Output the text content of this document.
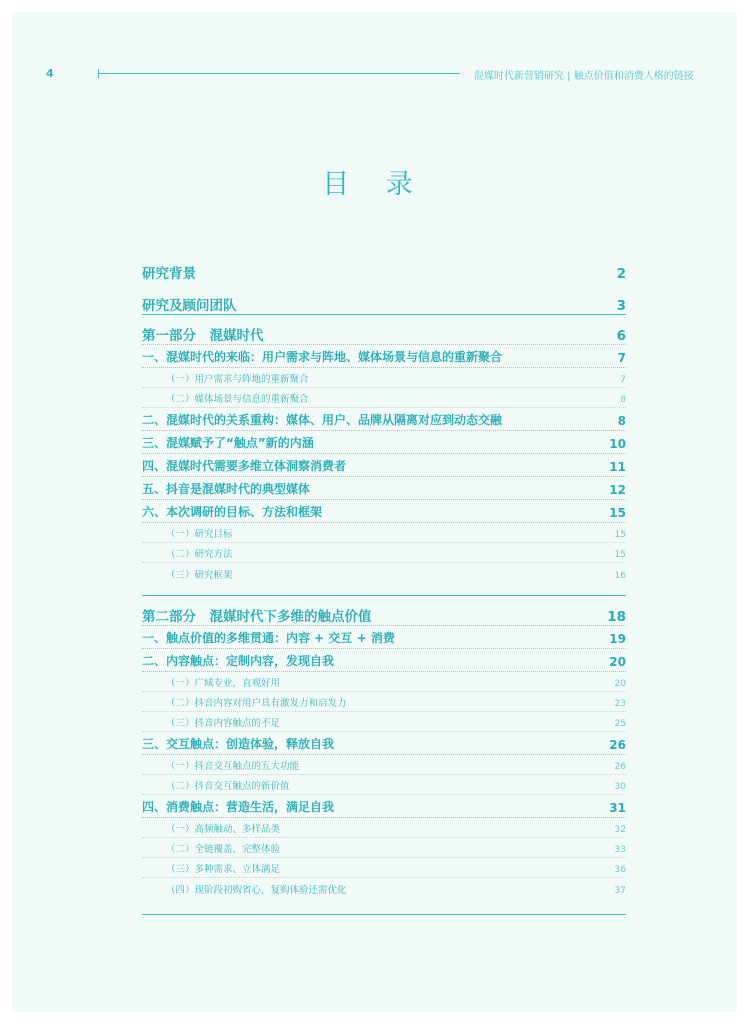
4	混媒时代新营销研究 | 触点价值和消费人格的链接
目 录
研究背景	2
研究及顾问团队	3
第一部分　混媒时代	6
一、混媒时代的来临：用户需求与阵地、媒体场景与信息的重新聚合	7
（一）用户需求与阵地的重新聚合	7
（二）媒体场景与信息的重新聚合	8
二、混媒时代的关系重构：媒体、用户、品牌从隔离对应到动态交融	8
三、混媒赋予了“触点”新的内涵	10
四、混媒时代需要多维立体洞察消费者	11
五、抖音是混媒时代的典型媒体	12
六、本次调研的目标、方法和框架	15
（一）研究目标	15
（二）研究方法	15
（三）研究框架	16
第二部分　混媒时代下多维的触点价值	18
一、触点价值的多维贯通：内容 + 交互 + 消费	19
二、内容触点：定制内容，发现自我	20
（一）广域专业，直观好用	20
（二）抖音内容对用户具有激发力和启发力	23
（三）抖音内容触点的不足	25
三、交互触点：创造体验，释放自我	26
（一）抖音交互触点的五大功能	26
（二）抖音交互触点的新价值	30
四、消费触点：营造生活，满足自我	31
（一）高频触动、多样品类	32
（二）全链覆盖、完整体验	33
（三）多种需求、立体满足	36
（四）现阶段初购省心，复购体验还需优化	37
